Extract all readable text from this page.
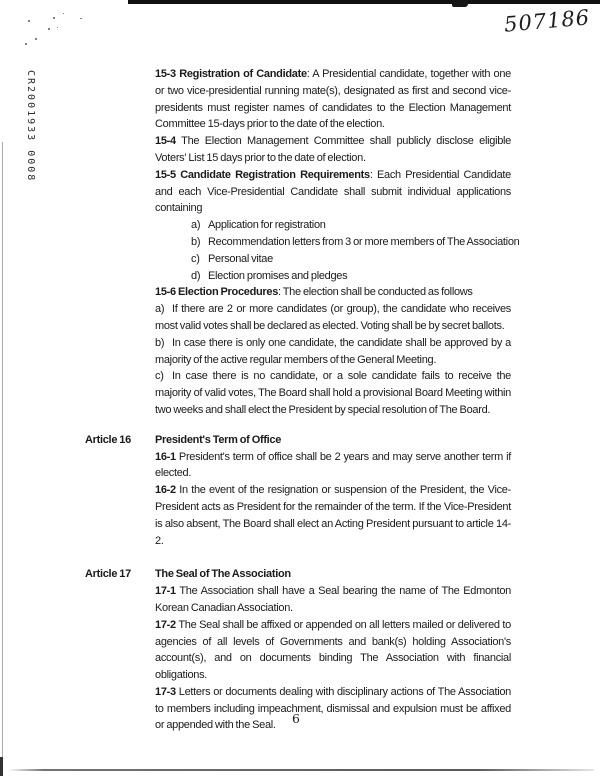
507186
CR2001933 0008	15-3 Registration of Candidate: A Presidential candidate, together with one or two vice-presidential running mate(s), designated as first and second vice-presidents must register names of candidates to the Election Management Committee 15-days prior to the date of the election.

15-4 The Election Management Committee shall publicly disclose eligible Voters' List 15 days prior to the date of election.

15-5 Candidate Registration Requirements: Each Presidential Candidate and each Vice-Presidential Candidate shall submit individual applications containing

a) Application for registration
b) Recommendation letters from 3 or more members of The Association
c) Personal vitae
d) Election promises and pledges

15-6 Election Procedures: The election shall be conducted as follows

a) If there are 2 or more candidates (or group), the candidate who receives most valid votes shall be declared as elected. Voting shall be by secret ballots.

b) In case there is only one candidate, the candidate shall be approved by a majority of the active regular members of the General Meeting.

c) In case there is no candidate, or a sole candidate fails to receive the majority of valid votes, The Board shall hold a provisional Board Meeting within two weeks and shall elect the President by special resolution of The Board.

Article 16 President's Term of Office

16-1 President's term of office shall be 2 years and may serve another term if elected.

16-2 In the event of the resignation or suspension of the President, the Vice-President acts as President for the remainder of the term. If the Vice-President is also absent, The Board shall elect an Acting President pursuant to article 14-2.

Article 17 The Seal of The Association

17-1 The Association shall have a Seal bearing the name of The Edmonton Korean Canadian Association.

17-2 The Seal shall be affixed or appended on all letters mailed or delivered to agencies of all levels of Governments and bank(s) holding Association's account(s), and on documents binding The Association with financial obligations.

17-3 Letters or documents dealing with disciplinary actions of The Association to members including impeachment, dismissal and expulsion must be affixed or appended with the Seal.	6
